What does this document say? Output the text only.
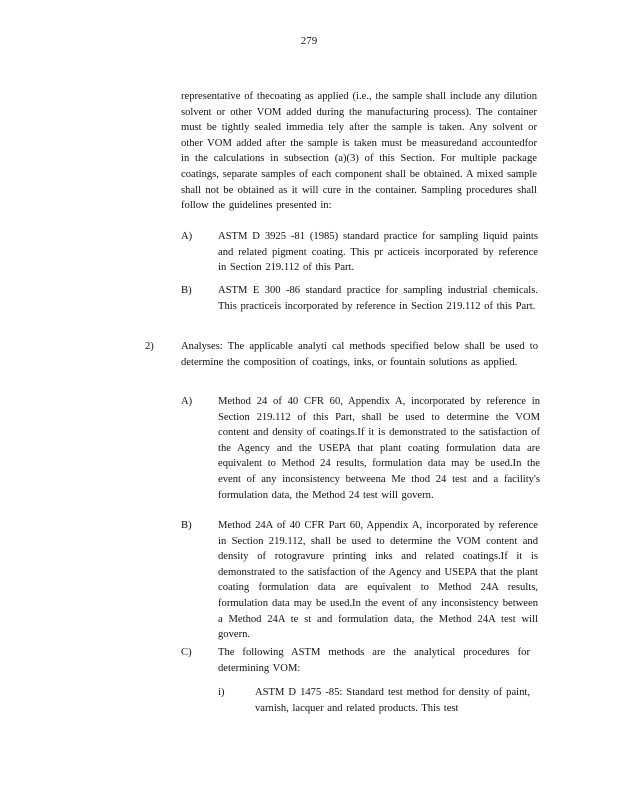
279
representative of thecoating as applied (i.e., the sample shall include any dilution solvent or other VOM added during the manufacturing process). The container must be tightly sealed immedia tely after the sample is taken. Any solvent or other VOM added after the sample is taken must be measuredand accountedfor in the calculations in subsection (a)(3) of this Section. For multiple package coatings, separate samples of each component shall be obtained. A mixed sample shall not be obtained as it will cure in the container. Sampling procedures shall follow the guidelines presented in:
A) ASTM D 3925 -81 (1985) standard practice for sampling liquid paints and related pigment coating. This pr acticeis incorporated by reference in Section 219.112 of this Part.
B) ASTM E 300 -86 standard practice for sampling industrial chemicals. This practiceis incorporated by reference in Section 219.112 of this Part.
2)	Analyses: The applicable analyti cal methods specified below shall be used to determine the composition of coatings, inks, or fountain solutions as applied.
A) Method 24 of 40 CFR 60, Appendix A, incorporated by reference in Section 219.112 of this Part, shall be used to determine the VOM content and density of coatings.If it is demonstrated to the satisfaction of the Agency and the USEPA that plant coating formulation data are equivalent to Method 24 results, formulation data may be used.In the event of any inconsistency betweena Me thod 24 test and a facility's formulation data, the Method 24 test will govern.
B) Method 24A of 40 CFR Part 60, Appendix A, incorporated by reference in Section 219.112, shall be used to determine the VOM content and density of rotogravure printing inks and related coatings.If it is demonstrated to the satisfaction of the Agency and USEPA that the plant coating formulation data are equivalent to Method 24A results, formulation data may be used.In the event of any inconsistency between a Method 24A te st and formulation data, the Method 24A test will govern.
C) The following ASTM methods are the analytical procedures for determining VOM:
i)	ASTM D 1475 -85: Standard test method for density of paint, varnish, lacquer and related products. This test
